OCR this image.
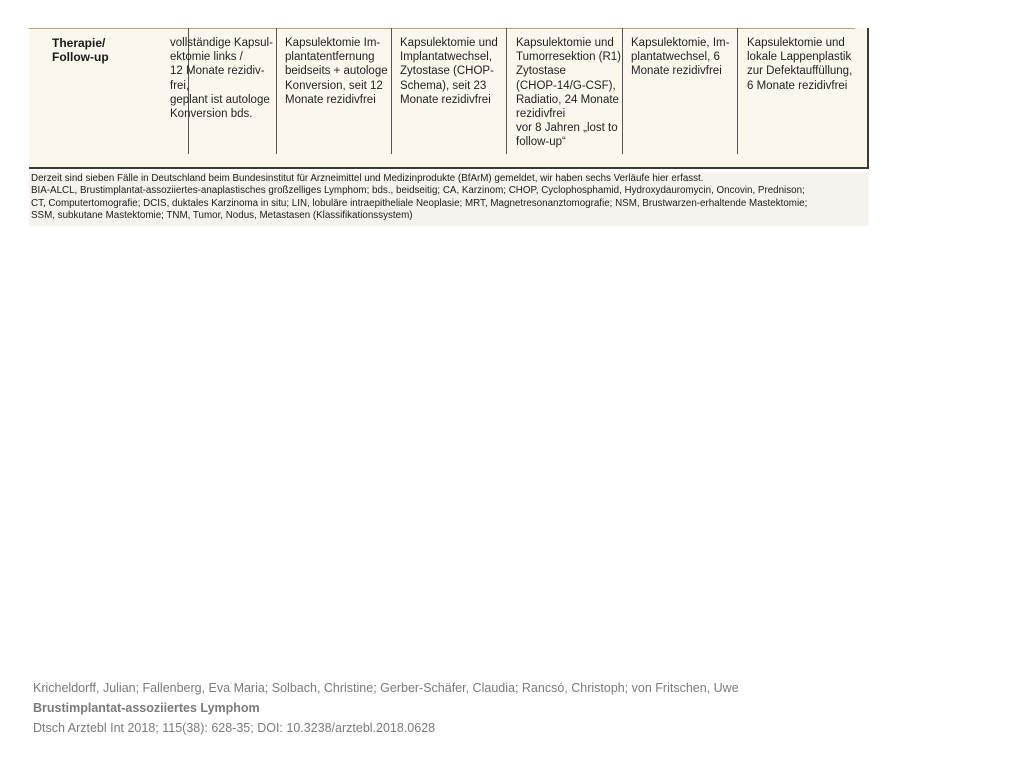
Therapie/
Follow-up
vollständige Kapsul-
ektomie links /
12 Monate rezidiv-
frei,
geplant ist autologe
Konversion bds.
Kapsulektomie Im-
plantatentfernung
beidseits + autologe
Konversion, seit 12
Monate rezidivfrei
Kapsulektomie und
Implantatwechsel,
Zytostase (CHOP-
Schema), seit 23
Monate rezidivfrei
Kapsulektomie und
Tumorresektion (R1)
Zytostase
(CHOP-14/G-CSF),
Radiatio, 24 Monate
rezidivfrei
vor 8 Jahren „lost to
follow-up“
Kapsulektomie, Im-
plantatwechsel, 6
Monate rezidivfrei
Kapsulektomie und
lokale Lappenplastik
zur Defektauffüllung,
6 Monate rezidivfrei
Derzeit sind sieben Fälle in Deutschland beim Bundesinstitut für Arzneimittel und Medizinprodukte (BfArM) gemeldet, wir haben sechs Verläufe hier erfasst.
BIA-ALCL, Brustimplantat-assoziiertes-anaplastisches großzelliges Lymphom; bds., beidseitig; CA, Karzinom; CHOP, Cyclophosphamid, Hydroxydauromycin, Oncovin, Prednison;
CT, Computertomografie; DCIS, duktales Karzinoma in situ; LIN, lobuläre intraepitheliale Neoplasie; MRT, Magnetresonanztomografie; NSM, Brustwarzen-erhaltende Mastektomie;
SSM, subkutane Mastektomie; TNM, Tumor, Nodus, Metastasen (Klassifikationssystem)
Kricheldorff, Julian; Fallenberg, Eva Maria; Solbach, Christine; Gerber-Schäfer, Claudia; Rancsó, Christoph; von Fritschen, Uwe
Brustimplantat-assoziiertes Lymphom
Dtsch Arztebl Int 2018; 115(38): 628-35; DOI: 10.3238/arztebl.2018.0628
